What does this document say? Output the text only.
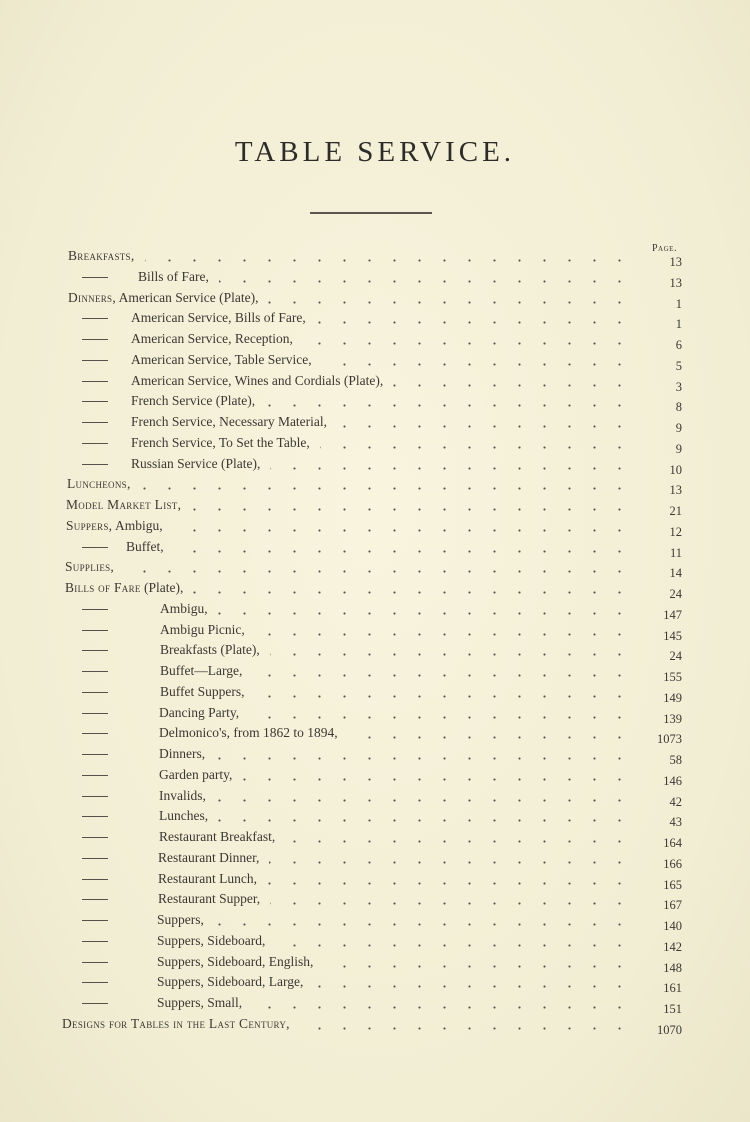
TABLE SERVICE.
Page.
Breakfasts,	13
Bills of Fare,	13
Dinners, American Service (Plate),	1
American Service, Bills of Fare,	1
American Service, Reception,	6
American Service, Table Service,	5
American Service, Wines and Cordials (Plate),	3
French Service (Plate),	8
French Service, Necessary Material,	9
French Service, To Set the Table,	9
Russian Service (Plate),	10
Luncheons,	13
Model Market List,	21
Suppers, Ambigu,	12
Buffet,	11
Supplies,	14
Bills of Fare (Plate),	24
Ambigu,	147
Ambigu Picnic,	145
Breakfasts (Plate),	24
Buffet—Large,	155
Buffet Suppers,	149
Dancing Party,	139
Delmonico's, from 1862 to 1894,	1073
Dinners,	58
Garden party,	146
Invalids,	42
Lunches,	43
Restaurant Breakfast,	164
Restaurant Dinner,	166
Restaurant Lunch,	165
Restaurant Supper,	167
Suppers,	140
Suppers, Sideboard,	142
Suppers, Sideboard, English,	148
Suppers, Sideboard, Large,	161
Suppers, Small,	151
Designs for Tables in the Last Century,	1070
